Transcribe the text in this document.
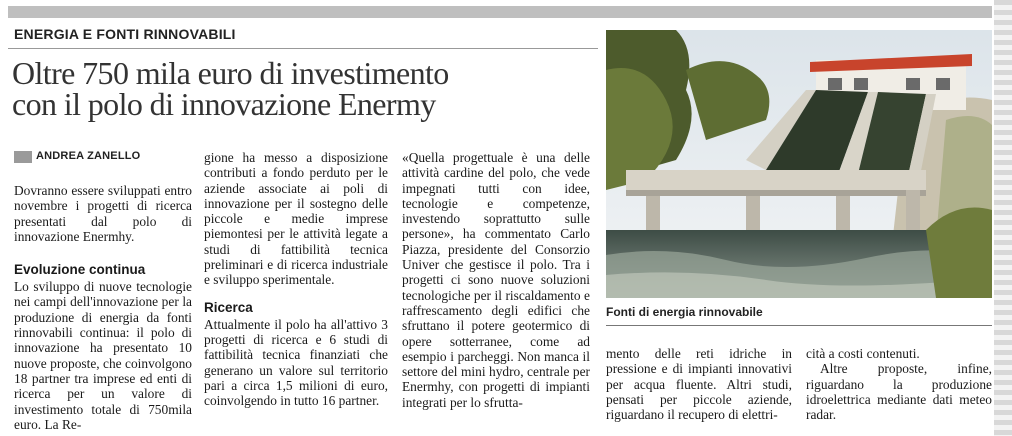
ENERGIA E FONTI RINNOVABILI
Oltre 750 mila euro di investimento
con il polo di innovazione Enermy
ANDREA ZANELLO

Dovranno essere sviluppati entro novembre i progetti di ricerca presentati dal polo di innovazione Enermhy.

Evoluzione continua

Lo sviluppo di nuove tecnologie nei campi dell'innovazione per la produzione di energia da fonti rinnovabili continua: il polo di innovazione ha presentato 10 nuove proposte, che coinvolgono 18 partner tra imprese ed enti di ricerca per un valore di investimento totale di 750mila euro. La Re-

gione ha messo a disposizione contributi a fondo perduto per le aziende associate ai poli di innovazione per il sostegno delle piccole e medie imprese piemontesi per le attività legate a studi di fattibilità tecnica preliminari e di ricerca industriale e sviluppo sperimentale.

Ricerca

Attualmente il polo ha all'attivo 3 progetti di ricerca e 6 studi di fattibilità tecnica finanziati che generano un valore sul territorio pari a circa 1,5 milioni di euro, coinvolgendo in tutto 16 partner.

«Quella progettuale è una delle attività cardine del polo, che vede impegnati tutti con idee, tecnologie e competenze, investendo soprattutto sulle persone», ha commentato Carlo Piazza, presidente del Consorzio Univer che gestisce il polo. Tra i progetti ci sono nuove soluzioni tecnologiche per il riscaldamento e raffrescamento degli edifici che sfruttano il potere geotermico di opere sotterranee, come ad esempio i parcheggi. Non manca il settore del mini hydro, centrale per Enermhy, con progetti di impianti integrati per lo sfrutta-

Fonti di energia rinnovabile

mento delle reti idriche in pressione e di impianti innovativi per acqua fluente. Altri studi, pensati per piccole aziende, riguardano il recupero di elettri-

cità a costi contenuti.

Altre proposte, infine, riguardano la produzione idroelettrica mediante dati meteo radar.
